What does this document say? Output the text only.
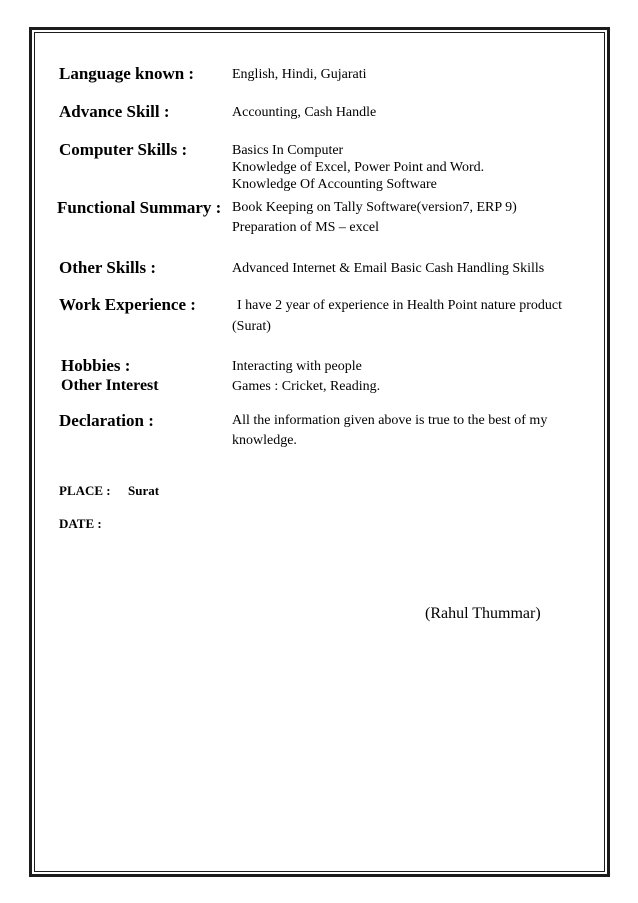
Language known :	English, Hindi, Gujarati
Advance Skill :	Accounting, Cash Handle
Computer Skills :	Basics In Computer
Knowledge of Excel, Power Point and Word.
Knowledge Of Accounting Software
Functional Summary : Book Keeping on Tally Software(version7, ERP 9)
Preparation of MS – excel
Other Skills :	Advanced Internet & Email Basic Cash Handling Skills
Work Experience :	I have 2 year of experience in Health Point nature product
(Surat)
Hobbies :	Interacting with people
Other Interest	Games : Cricket, Reading.
Declaration :	All the information given above is true to the best of my
knowledge.
PLACE : Surat
DATE :
(Rahul Thummar)
